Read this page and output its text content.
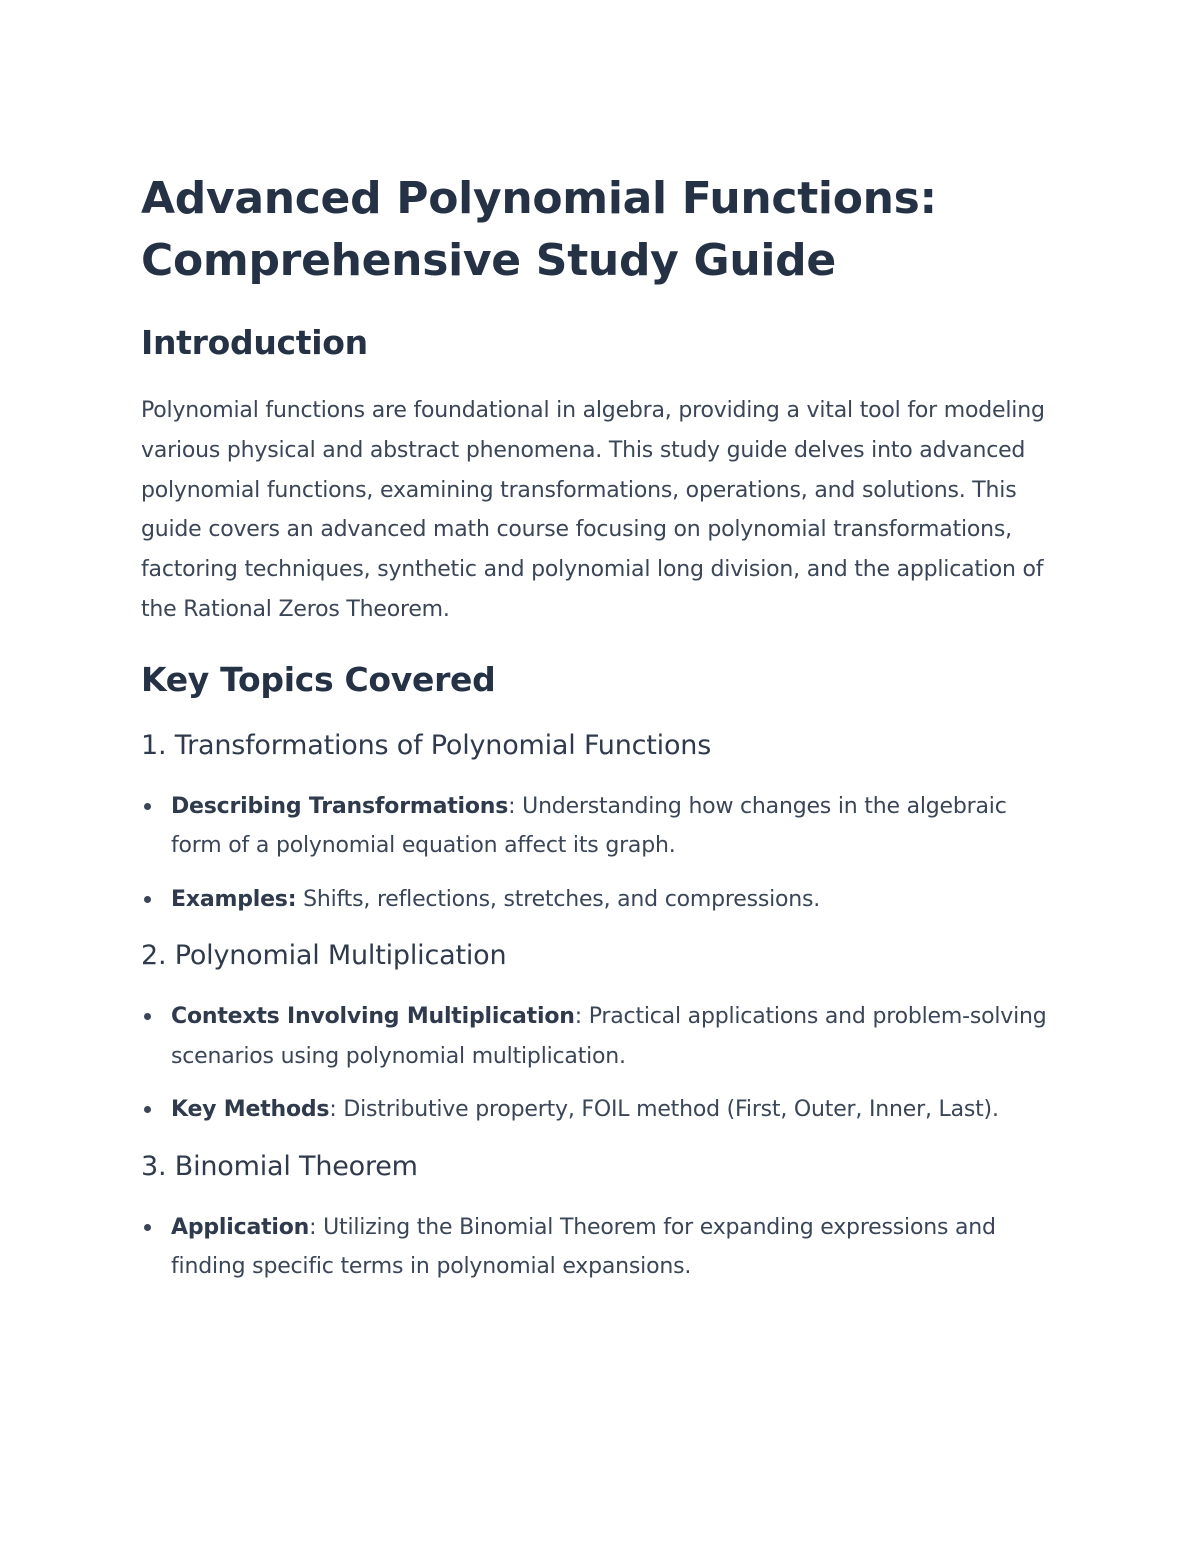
Advanced Polynomial Functions:
Comprehensive Study Guide
Introduction

Polynomial functions are foundational in algebra, providing a vital tool for modeling various physical and abstract phenomena. This study guide delves into advanced polynomial functions, examining transformations, operations, and solutions. This guide covers an advanced math course focusing on polynomial transformations, factoring techniques, synthetic and polynomial long division, and the application of the Rational Zeros Theorem.

Key Topics Covered
1. Transformations of Polynomial Functions
Describing Transformations: Understanding how changes in the algebraic form of a polynomial equation affect its graph.
Examples: Shifts, reflections, stretches, and compressions.
2. Polynomial Multiplication
Contexts Involving Multiplication: Practical applications and problem-solving scenarios using polynomial multiplication.
Key Methods: Distributive property, FOIL method (First, Outer, Inner, Last).
3. Binomial Theorem
Application: Utilizing the Binomial Theorem for expanding expressions and finding specific terms in polynomial expansions.
